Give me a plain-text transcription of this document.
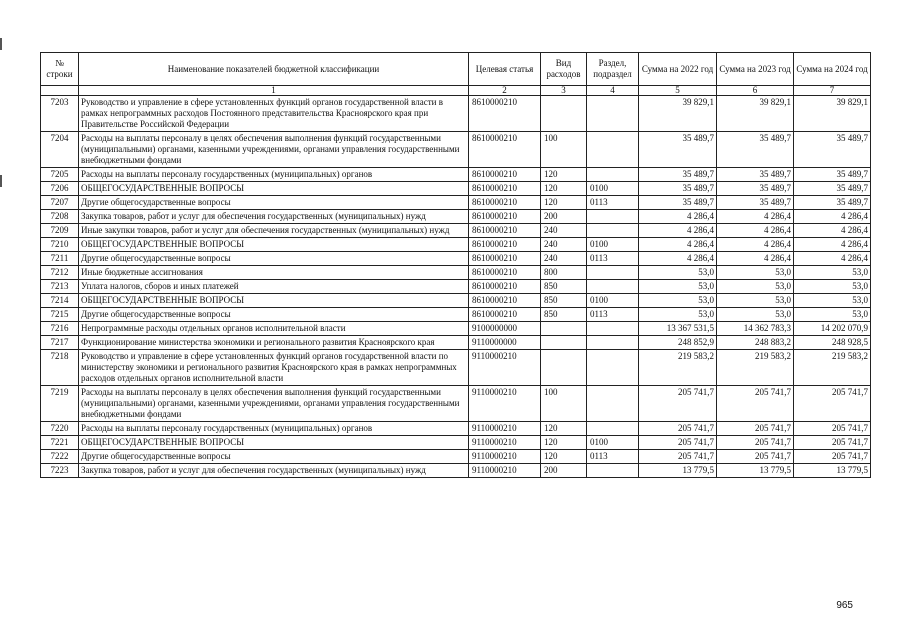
№ строки	Наименование показателей бюджетной классификации	Целевая статья	Вид расходов	Раздел, подраздел	Сумма на 2022 год	Сумма на 2023 год	Сумма на 2024 год
	1	2	3	4	5	6	7
7203	Руководство и управление в сфере установленных функций органов государственной власти в рамках непрограммных расходов Постоянного представительства Красноярского края при Правительстве Российской Федерации	8610000210			39 829,1	39 829,1	39 829,1
7204	Расходы на выплаты персоналу в целях обеспечения выполнения функций государственными (муниципальными) органами, казенными учреждениями, органами управления государственными внебюджетными фондами	8610000210	100		35 489,7	35 489,7	35 489,7
7205	Расходы на выплаты персоналу государственных (муниципальных) органов	8610000210	120		35 489,7	35 489,7	35 489,7
7206	ОБЩЕГОСУДАРСТВЕННЫЕ ВОПРОСЫ	8610000210	120	0100	35 489,7	35 489,7	35 489,7
7207	Другие общегосударственные вопросы	8610000210	120	0113	35 489,7	35 489,7	35 489,7
7208	Закупка товаров, работ и услуг для обеспечения государственных (муниципальных) нужд	8610000210	200		4 286,4	4 286,4	4 286,4
7209	Иные закупки товаров, работ и услуг для обеспечения государственных (муниципальных) нужд	8610000210	240		4 286,4	4 286,4	4 286,4
7210	ОБЩЕГОСУДАРСТВЕННЫЕ ВОПРОСЫ	8610000210	240	0100	4 286,4	4 286,4	4 286,4
7211	Другие общегосударственные вопросы	8610000210	240	0113	4 286,4	4 286,4	4 286,4
7212	Иные бюджетные ассигнования	8610000210	800		53,0	53,0	53,0
7213	Уплата налогов, сборов и иных платежей	8610000210	850		53,0	53,0	53,0
7214	ОБЩЕГОСУДАРСТВЕННЫЕ ВОПРОСЫ	8610000210	850	0100	53,0	53,0	53,0
7215	Другие общегосударственные вопросы	8610000210	850	0113	53,0	53,0	53,0
7216	Непрограммные расходы отдельных органов исполнительной власти	9100000000			13 367 531,5	14 362 783,3	14 202 070,9
7217	Функционирование министерства экономики и регионального развития Красноярского края	9110000000			248 852,9	248 883,2	248 928,5
7218	Руководство и управление в сфере установленных функций органов государственной власти по министерству экономики и регионального развития Красноярского края в рамках непрограммных расходов отдельных органов исполнительной власти	9110000210			219 583,2	219 583,2	219 583,2
7219	Расходы на выплаты персоналу в целях обеспечения выполнения функций государственными (муниципальными) органами, казенными учреждениями, органами управления государственными внебюджетными фондами	9110000210	100		205 741,7	205 741,7	205 741,7
7220	Расходы на выплаты персоналу государственных (муниципальных) органов	9110000210	120		205 741,7	205 741,7	205 741,7
7221	ОБЩЕГОСУДАРСТВЕННЫЕ ВОПРОСЫ	9110000210	120	0100	205 741,7	205 741,7	205 741,7
7222	Другие общегосударственные вопросы	9110000210	120	0113	205 741,7	205 741,7	205 741,7
7223	Закупка товаров, работ и услуг для обеспечения государственных (муниципальных) нужд	9110000210	200		13 779,5	13 779,5	13 779,5
965
